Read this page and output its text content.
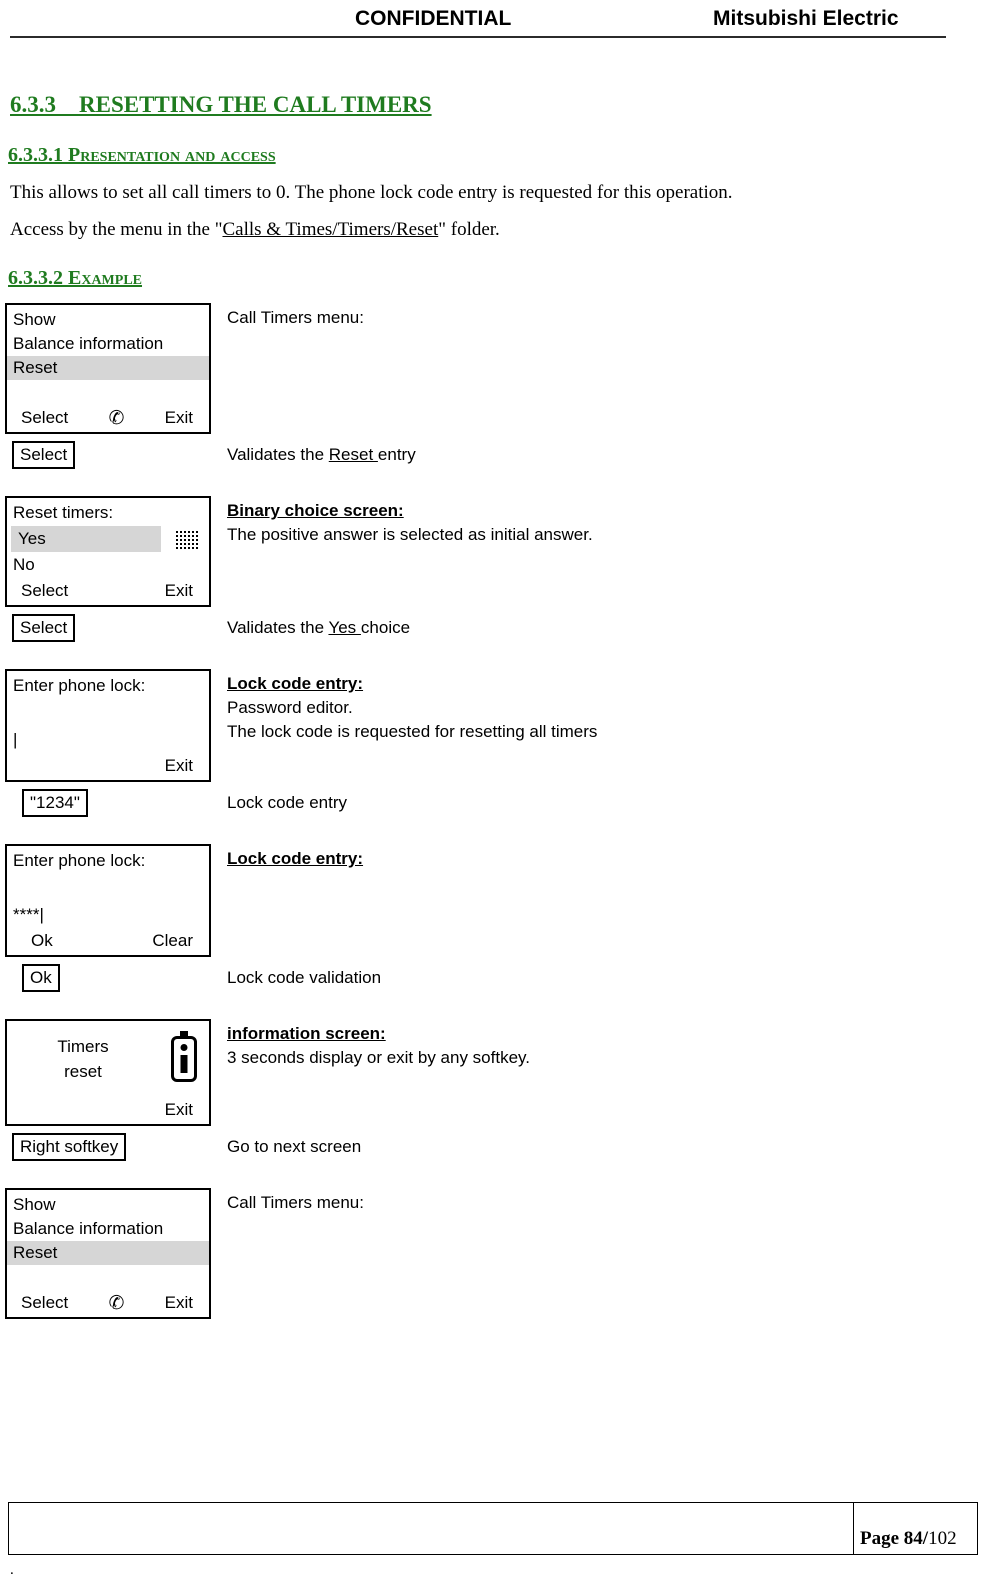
CONFIDENTIAL	Mitsubishi Electric
6.3.3    RESETTING THE CALL TIMERS
6.3.3.1 Presentation and access

This allows to set all call timers to 0. The phone lock code entry is requested for this operation.

Access by the menu in the "Calls & Times/Timers/Reset" folder.

6.3.3.2 Example
Show
Balance information
Reset
Select ✆ Exit
Call Timers menu:
Select	Validates the Reset entry
Reset timers:
Yes
No
Select	Exit
Binary choice screen:
The positive answer is selected as initial answer.
Select	Validates the Yes choice
Enter phone lock:
|
Exit
Lock code entry:
Password editor.
The lock code is requested for resetting all timers
"1234"	Lock code entry
Enter phone lock:
****|
Ok	Clear
Lock code entry:
Ok	Lock code validation
Timers
reset
Exit
information screen:
3 seconds display or exit by any softkey.
Right softkey	Go to next screen
Show
Balance information
Reset
Select ✆ Exit
Call Timers menu:
Page 84/102
.
